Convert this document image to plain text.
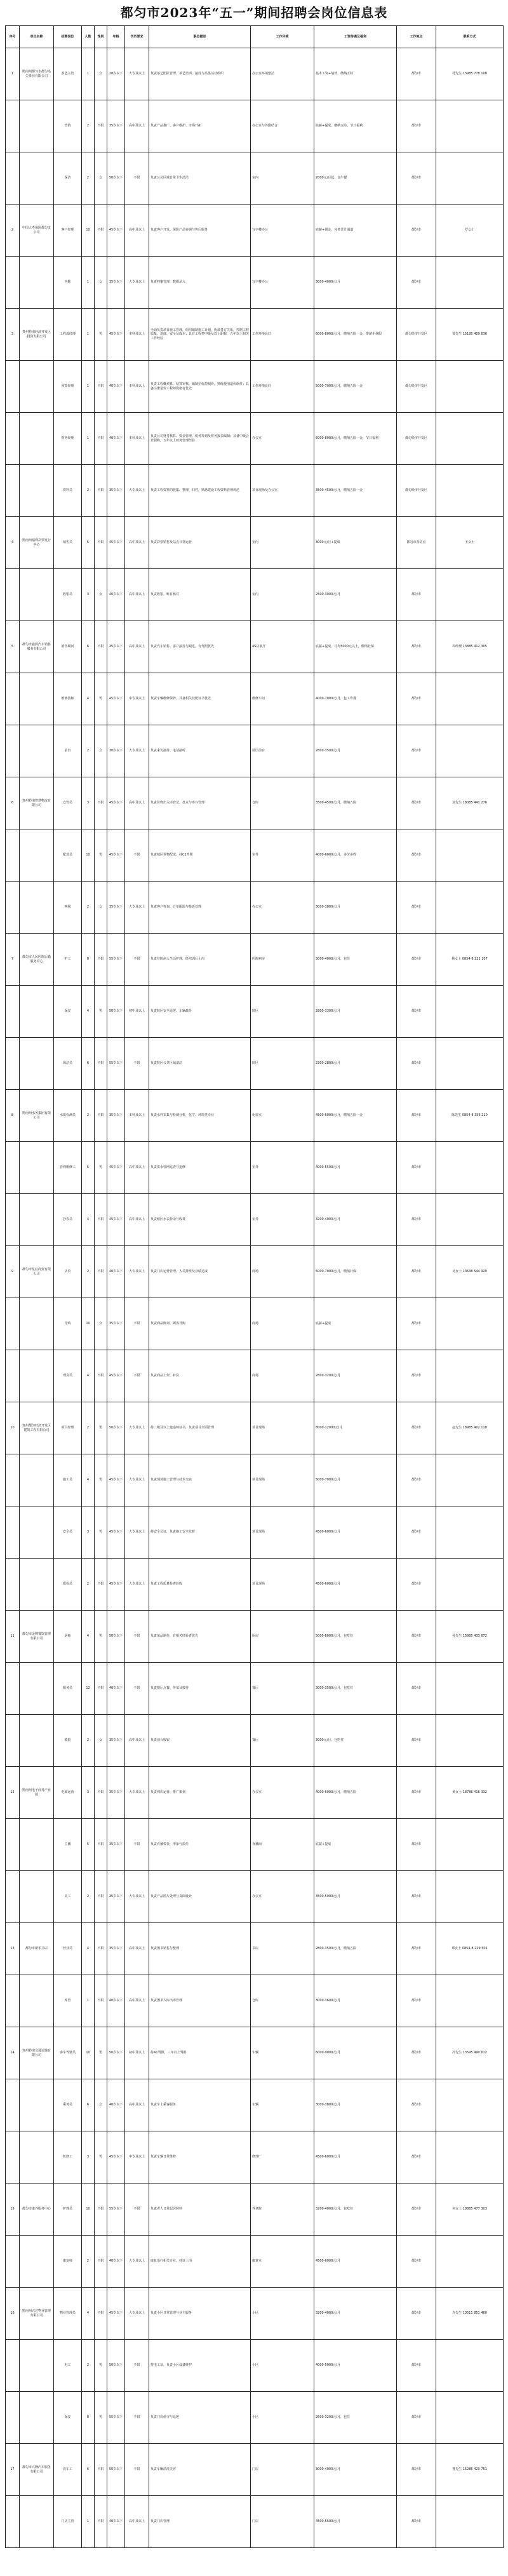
都匀市2023年“五一”期间招聘会岗位信息表
序号	单位名称	招聘岗位	人数	性别	年龄	学历要求	职位描述	工作环境	工资待遇及福利	工作地点	联系方式
1	黔南州都匀市都匀毛尖茶业有限公司	茶艺主管	1	女	28岁以下	大专及以上	负责茶艺团队管理、茶艺培训、接待与品鉴活动组织	办公室环境整洁	基本工资+绩效，缴纳五险	都匀市	符先生 13985 778 108
		营销	2	不限	35岁以下	高中及以上	负责产品推广、客户维护、市场开拓	办公室与外勤结合	底薪+提成，缴纳五险，节日福利	都匀市	
		保洁	2	女	50岁以下	不限	负责公司区域日常卫生清洁	室内	2000元/月起，包午餐	都匀市	
2	中国人寿保险都匀支公司	客户经理	10	不限	45岁以下	高中及以上	负责客户开发、保险产品咨询与售后服务	写字楼办公	底薪+佣金，完善晋升通道	都匀市	罗女士
		内勤	1	女	35岁以下	大专及以上	负责档案管理、数据录入	写字楼办公	3000-4000元/月	都匀市	
3	贵州黔南经济开发区投资有限公司	工程部经理	1	男	45岁以下	本科及以上	全面负责项目施工管理，组织编制施工计划，协调各方关系，控制工程质量、进度、安全及成本；具有工程类中级及以上职称，五年以上相关工作经验	工作环境良好	6000-8000元/月，缴纳五险一金，带薪年休假	都匀经济开发区	贾先生 15185 409 636
		预算经理	1	不限	40岁以下	本科及以上	负责工程概预算、结算审核，编制招标控制价，熟练使用造价软件；具备注册造价工程师资格者优先	工作环境良好	5000-7000元/月，缴纳五险一金	都匀经济开发区	
		财务经理	1	不限	40岁以下	本科及以上	负责公司财务核算、资金管理、税务筹划及财务报表编制；具备中级会计职称，五年以上财务管理经验	办公室	6000-8000元/月，缴纳五险一金，节日福利	都匀经济开发区	
		资料员	2	不限	35岁以下	大专及以上	负责工程资料的收集、整理、归档，熟悉建设工程资料管理规范	项目现场及办公室	3500-4500元/月，缴纳五险一金	都匀经济开发区	
4	黔南州福利彩票发行中心	销售员	5	不限	45岁以下	高中及以上	负责彩票销售及站点日常运营	室内	3000元/月+提成	都匀市各站点	王女士
		收银员	3	女	40岁以下	高中及以上	负责收银、账目核对	室内	2500-3000元/月	都匀市	
5	都匀市鑫源汽车销售服务有限公司	销售顾问	6	不限	35岁以下	高中及以上	负责汽车销售、客户接待与跟进，有驾照优先	4S店展厅	底薪+提成，月均5000元以上，缴纳社保	都匀市	周经理 13885 412 305
		维修技师	4	男	45岁以下	中专及以上	负责车辆维修保养，具备相关技能证书优先	维修车间	4000-7000元/月，包工作餐	都匀市	
		前台	2	女	30岁以下	大专及以上	负责来访接待、电话接听	展厅前台	2800-3500元/月	都匀市	
6	贵州黔南智慧物流有限公司	仓管员	3	不限	45岁以下	高中及以上	负责货物出入库登记、盘点与库存管理	仓库	3500-4500元/月，缴纳五险	都匀市	刘先生 18085 441 276
		配送员	10	男	45岁以下	不限	负责城区货物配送，持C1驾照	室外	4000-6000元/月，多劳多得	都匀市	
		客服	2	女	35岁以下	大专及以上	负责客户咨询、订单跟踪与投诉处理	办公室	3000-3800元/月	都匀市	
7	都匀市人民医院后勤服务中心	护工	8	不限	55岁以下	不限	负责住院病人生活护理，经培训后上岗	医院病房	3000-4000元/月，包住	都匀市	杨女士 0854-8 221 107
		保安	4	男	50岁以下	初中及以上	负责院区安全巡逻、车辆疏导	院区	2800-3300元/月	都匀市	
		保洁员	6	不限	55岁以下	不限	负责院区公共区域清洁	院区	2300-2800元/月	都匀市	
8	黔南州水务集团有限公司	水质检测员	2	不限	35岁以下	本科及以上	负责水样采集与检测分析，化学、环境类专业	化验室	4500-6000元/月，缴纳五险一金	都匀市	陈先生 0854-8 356 210
		管网维修工	5	男	45岁以下	高中及以上	负责供水管网巡查与抢修	室外	4000-5500元/月	都匀市	
		抄表员	4	不限	45岁以下	高中及以上	负责辖区水表抄录与收费	室外	3200-4000元/月	都匀市	
9	都匀市星辰商贸有限公司	店长	2	不限	40岁以下	大专及以上	负责门店运营管理、人员排班及业绩达成	商场	5000-7000元/月，缴纳社保	都匀市	吴女士 13638 544 920
		导购	10	女	35岁以下	不限	负责商品陈列、顾客导购	商场	底薪+提成	都匀市	
		理货员	4	不限	45岁以下	不限	负责商品上架、补货	商场	2800-3200元/月	都匀市	
10	贵州都匀经济开发区建筑工程有限公司	项目经理	2	男	50岁以下	大专及以上	持二级及以上建造师证书，负责项目全面管理	项目现场	8000-12000元/月	都匀市	赵先生 18985 402 118
		施工员	4	男	45岁以下	大专及以上	负责现场施工管理与技术交底	项目现场	5000-7000元/月	都匀市	
		安全员	3	男	45岁以下	大专及以上	持安全员证，负责施工安全监督	项目现场	4500-6000元/月	都匀市	
		质检员	2	不限	45岁以下	大专及以上	负责工程质量检查验收	项目现场	4500-6000元/月	都匀市	
11	都匀市金牌餐饮管理有限公司	厨师	4	男	50岁以下	不限	负责菜品制作，有相关经验者优先	厨房	5000-8000元/月，包吃住	都匀市	孙先生 15985 433 672
		服务员	12	不限	40岁以下	不限	负责餐厅点餐、传菜及接待	餐厅	3000-3500元/月，包吃住	都匀市	
		收银	2	女	35岁以下	高中及以上	负责前台收银	餐厅	3000元/月，包吃住	都匀市	
12	黔南州电子商务产业园	电商运营	3	不限	35岁以下	大专及以上	负责网店运营、推广策划	办公室	4000-6000元/月，缴纳五险	都匀市	黄女士 18786 416 332
		主播	5	不限	35岁以下	不限	负责直播带货，形象气质佳	直播间	底薪+提成	都匀市	
		美工	2	不限	35岁以下	大专及以上	负责产品图片处理与页面设计	办公室	3500-5000元/月	都匀市	
13	都匀市新华书店	营业员	4	不限	35岁以下	高中及以上	负责图书销售与整理	书店	2800-3500元/月，缴纳五险	都匀市	郑女士 0854-8 229 501
		库管	1	不限	40岁以下	高中及以上	负责图书入库出库管理	仓库	3000-3600元/月	都匀市	
14	贵州黔南交通运输有限公司	客车驾驶员	10	男	50岁以下	初中及以上	持A1驾照，三年以上驾龄	车辆	6000-9000元/月	都匀市	冯先生 13595 490 612
		乘务员	6	女	40岁以下	高中及以上	负责车上乘客服务	车辆	3000-3800元/月	都匀市	
		机修工	3	男	45岁以下	中专及以上	负责车辆日常维修	修理厂	4500-6000元/月	都匀市	
15	都匀市康养服务中心	护理员	10	不限	55岁以下	不限	负责老人日常起居照料	养老院	3200-4000元/月，包吃住	都匀市	何女士 18885 477 303
		康复师	2	不限	40岁以下	大专及以上	康复治疗相关专业，持证上岗	康复室	4500-6000元/月	都匀市	
16	黔南州兴达物业管理有限公司	物业管理员	4	不限	45岁以下	大专及以上	负责小区日常管理与业主服务	小区	3200-4000元/月	都匀市	许先生 13511 851 460
		电工	2	男	50岁以下	不限	持电工证，负责小区设备维护	小区	4000-5000元/月	都匀市	
		保安	8	男	55岁以下	不限	负责门岗值守与巡逻	小区	2600-3200元/月，包住	都匀市	
17	都匀市兴隆汽车服务有限公司	洗车工	6	不限	50岁以下	不限	负责车辆清洗美容	门店	3000-4000元/月	都匀市	曹先生 15286 423 751
		门店主管	1	不限	40岁以下	高中及以上	负责门店管理	门店	4500-5500元/月	都匀市	
